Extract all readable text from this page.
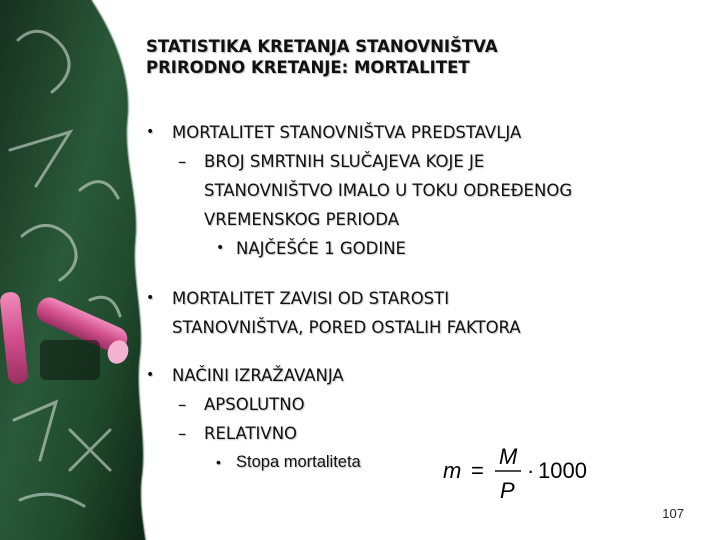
STATISTIKA KRETANJA STANOVNIŠTVA
PRIRODNO KRETANJE: MORTALITET
• MORTALITET STANOVNIŠTVA PREDSTAVLJA
– BROJ SMRTNIH SLUČAJEVA KOJE JE
STANOVNIŠTVO IMALO U TOKU ODREĐENOG
VREMENSKOG PERIODA
• NAJČEŠĆE 1 GODINE
• MORTALITET ZAVISI OD STAROSTI
STANOVNIŠTVA, PORED OSTALIH FAKTORA
• NAČINI IZRAŽAVANJA
– APSOLUTNO
– RELATIVNO
• Stopa mortaliteta	m =
M
P
· 1000
107
